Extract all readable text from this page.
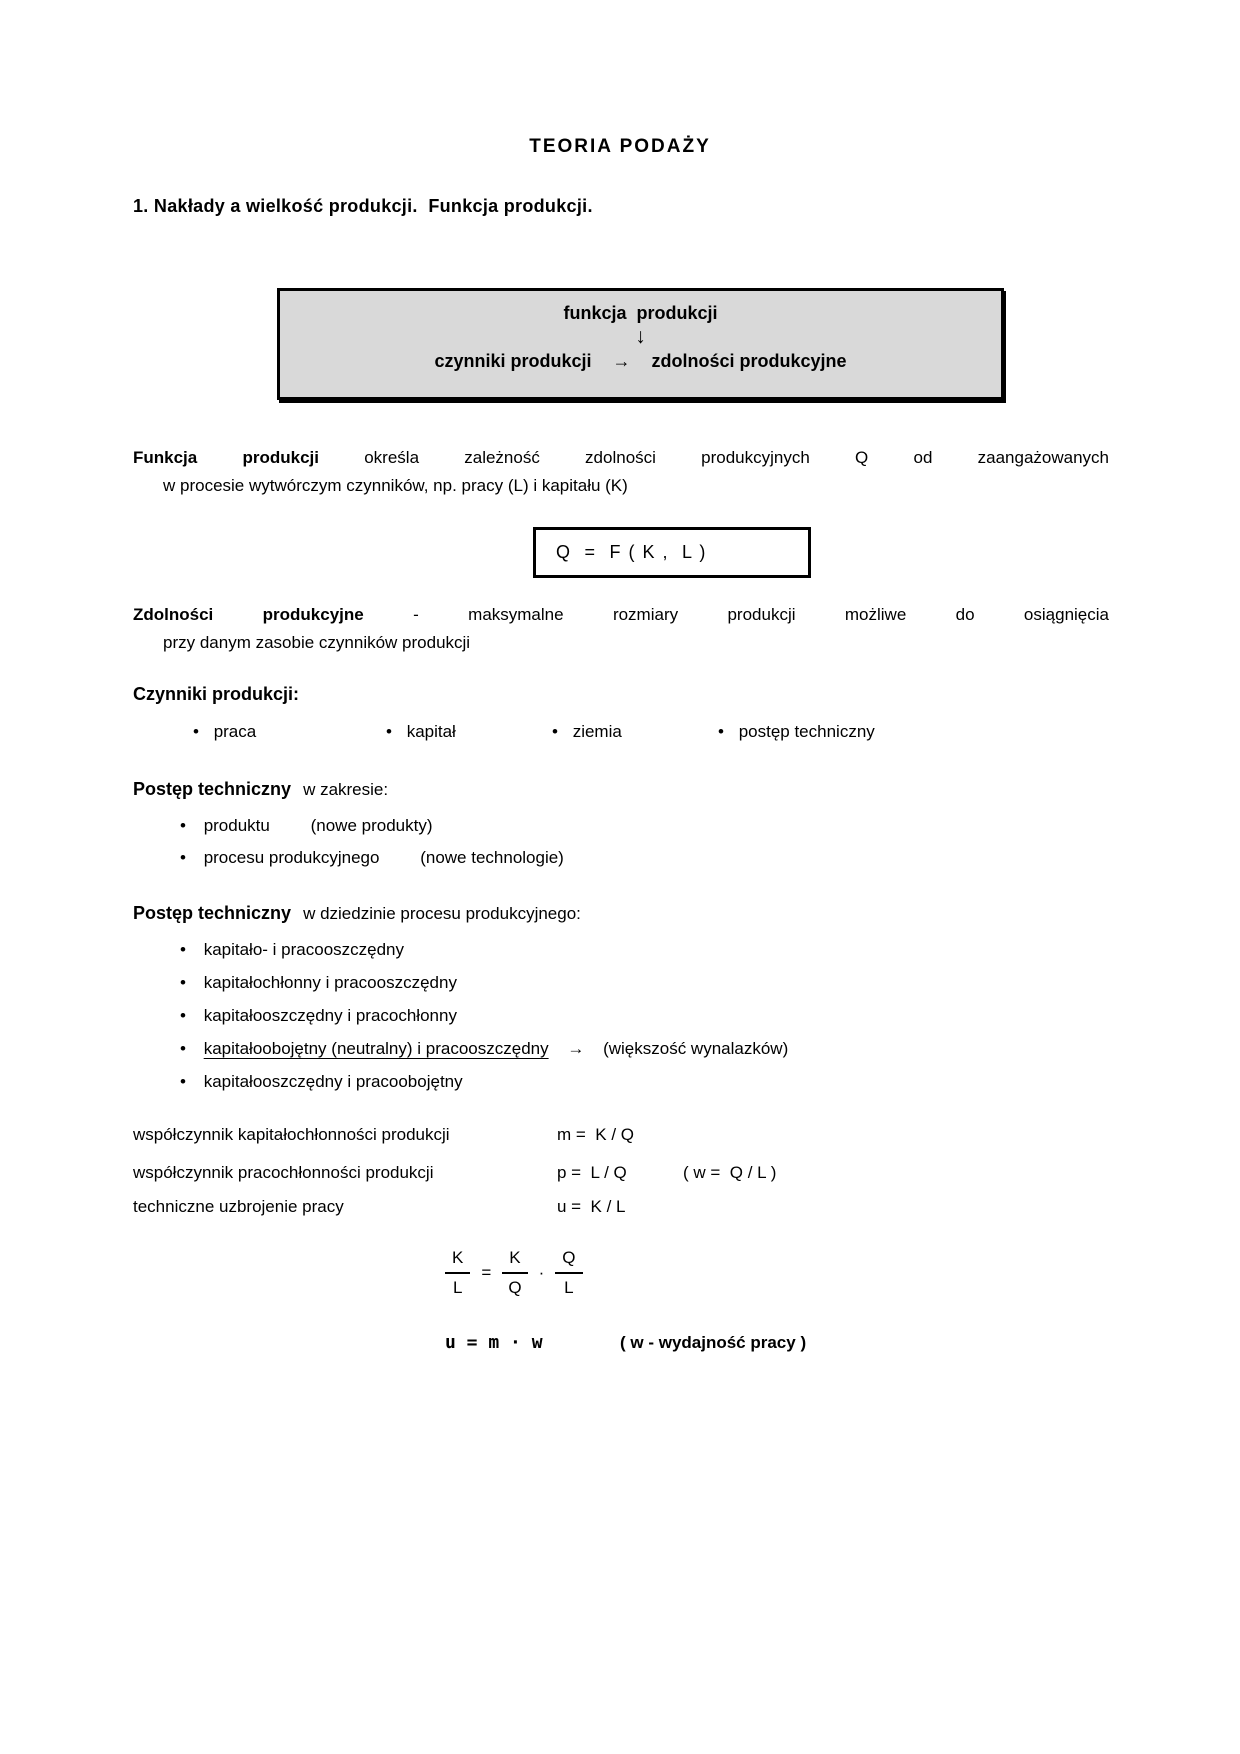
TEORIA PODAŻY
1. Nakłady a wielkość produkcji.  Funkcja produkcji.
funkcja  produkcji
↓
czynniki produkcji → zdolności produkcyjne
Funkcja produkcji	określa zależność zdolności produkcyjnych Q od zaangażowanych
w procesie wytwórczym czynników, np. pracy (L) i kapitału (K)
Q  =  F ( K ,  L )
Zdolności produkcyjne	-	maksymalne rozmiary produkcji możliwe do osiągnięcia
przy danym zasobie czynników produkcji
Czynniki produkcji:
• praca	• kapitał	• ziemia	• postęp techniczny
Postęp techniczny w zakresie:
• produktu (nowe produkty)
• procesu produkcyjnego (nowe technologie)
Postęp techniczny w dziedzinie procesu produkcyjnego:
• kapitało- i pracooszczędny
• kapitałochłonny i pracooszczędny
• kapitałooszczędny i pracochłonny
• kapitałoobojętny (neutralny) i pracooszczędny → (większość wynalazków)
• kapitałooszczędny i pracoobojętny
współczynnik kapitałochłonności produkcji	m =  K / Q
współczynnik pracochłonności produkcji	p =  L / Q	( w =  Q / L )
techniczne uzbrojenie pracy	u =  K / L
$\frac{K}{L} = \frac{K}{Q} \cdot \frac{Q}{L}$
u = m · w	( w - wydajność pracy )
